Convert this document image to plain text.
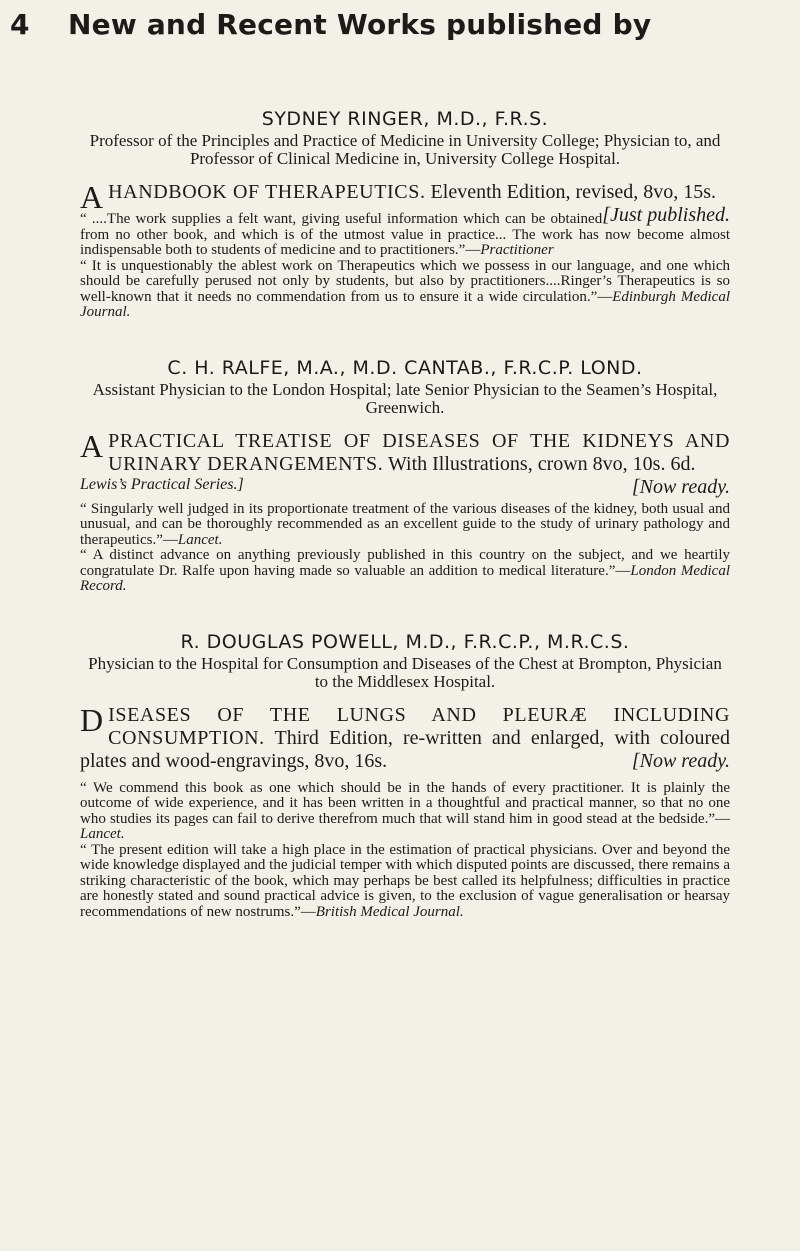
4 New and Recent Works published by

SYDNEY RINGER, M.D., F.R.S.

Professor of the Principles and Practice of Medicine in University College; Physician to, and Professor of Clinical Medicine in, University College Hospital.

A HANDBOOK OF THERAPEUTICS. Eleventh Edition, revised, 8vo, 15s.
[Just published.

“ ....The work supplies a felt want, giving useful information which can be obtained from no other book, and which is of the utmost value in practice... The work has now become almost indispensable both to students of medicine and to practitioners.”—Practitioner

“ It is unquestionably the ablest work on Therapeutics which we possess in our language, and one which should be carefully perused not only by students, but also by practitioners....Ringer’s Therapeutics is so well-known that it needs no commendation from us to ensure it a wide circulation.”—Edinburgh Medical Journal.

C. H. RALFE, M.A., M.D. CANTAB., F.R.C.P. LOND.

Assistant Physician to the London Hospital; late Senior Physician to the Seamen’s Hospital, Greenwich.

A PRACTICAL TREATISE OF DISEASES OF THE KIDNEYS AND URINARY DERANGEMENTS. With Illustrations, crown 8vo, 10s. 6d.
[Now ready.

Lewis’s Practical Series.]

“ Singularly well judged in its proportionate treatment of the various diseases of the kidney, both usual and unusual, and can be thoroughly recommended as an excellent guide to the study of urinary pathology and therapeutics.”—Lancet.

“ A distinct advance on anything previously published in this country on the subject, and we heartily congratulate Dr. Ralfe upon having made so valuable an addition to medical literature.”—London Medical Record.

R. DOUGLAS POWELL, M.D., F.R.C.P., M.R.C.S.

Physician to the Hospital for Consumption and Diseases of the Chest at Brompton, Physician to the Middlesex Hospital.

D ISEASES OF THE LUNGS AND PLEURÆ INCLUDING CONSUMPTION. Third Edition, re-written and enlarged, with coloured plates and wood-engravings, 8vo, 16s.	[Now ready.

“ We commend this book as one which should be in the hands of every practitioner. It is plainly the outcome of wide experience, and it has been written in a thoughtful and practical manner, so that no one who studies its pages can fail to derive therefrom much that will stand him in good stead at the bedside.”—Lancet.

“ The present edition will take a high place in the estimation of practical physicians. Over and beyond the wide knowledge displayed and the judicial temper with which disputed points are discussed, there remains a striking characteristic of the book, which may perhaps be best called its helpfulness; difficulties in practice are honestly stated and sound practical advice is given, to the exclusion of vague generalisation or hearsay recommendations of new nostrums.”—British Medical Journal.
